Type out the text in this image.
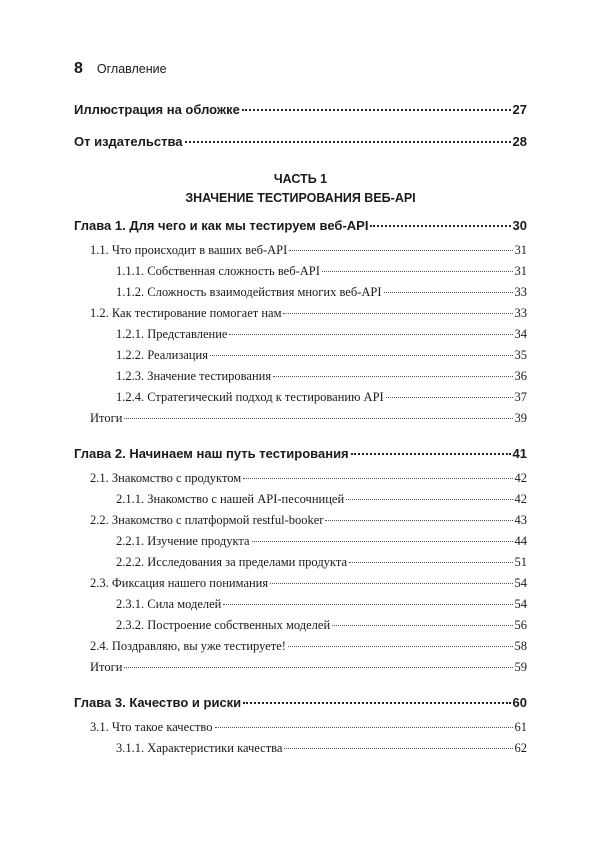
8 Оглавление
Иллюстрация на обложке	27
От издательства	28
ЧАСТЬ 1
ЗНАЧЕНИЕ ТЕСТИРОВАНИЯ ВЕБ-API
Глава 1. Для чего и как мы тестируем веб-API	30
1.1. Что происходит в ваших веб-API	31
1.1.1. Собственная сложность веб-API	31
1.1.2. Сложность взаимодействия многих веб-API	33
1.2. Как тестирование помогает нам	33
1.2.1. Представление	34
1.2.2. Реализация	35
1.2.3. Значение тестирования	36
1.2.4. Стратегический подход к тестированию API	37
Итоги	39
Глава 2. Начинаем наш путь тестирования	41
2.1. Знакомство с продуктом	42
2.1.1. Знакомство с нашей API-песочницей	42
2.2. Знакомство с платформой restful-booker	43
2.2.1. Изучение продукта	44
2.2.2. Исследования за пределами продукта	51
2.3. Фиксация нашего понимания	54
2.3.1. Сила моделей	54
2.3.2. Построение собственных моделей	56
2.4. Поздравляю, вы уже тестируете!	58
Итоги	59
Глава 3. Качество и риски	60
3.1. Что такое качество	61
3.1.1. Характеристики качества	62
